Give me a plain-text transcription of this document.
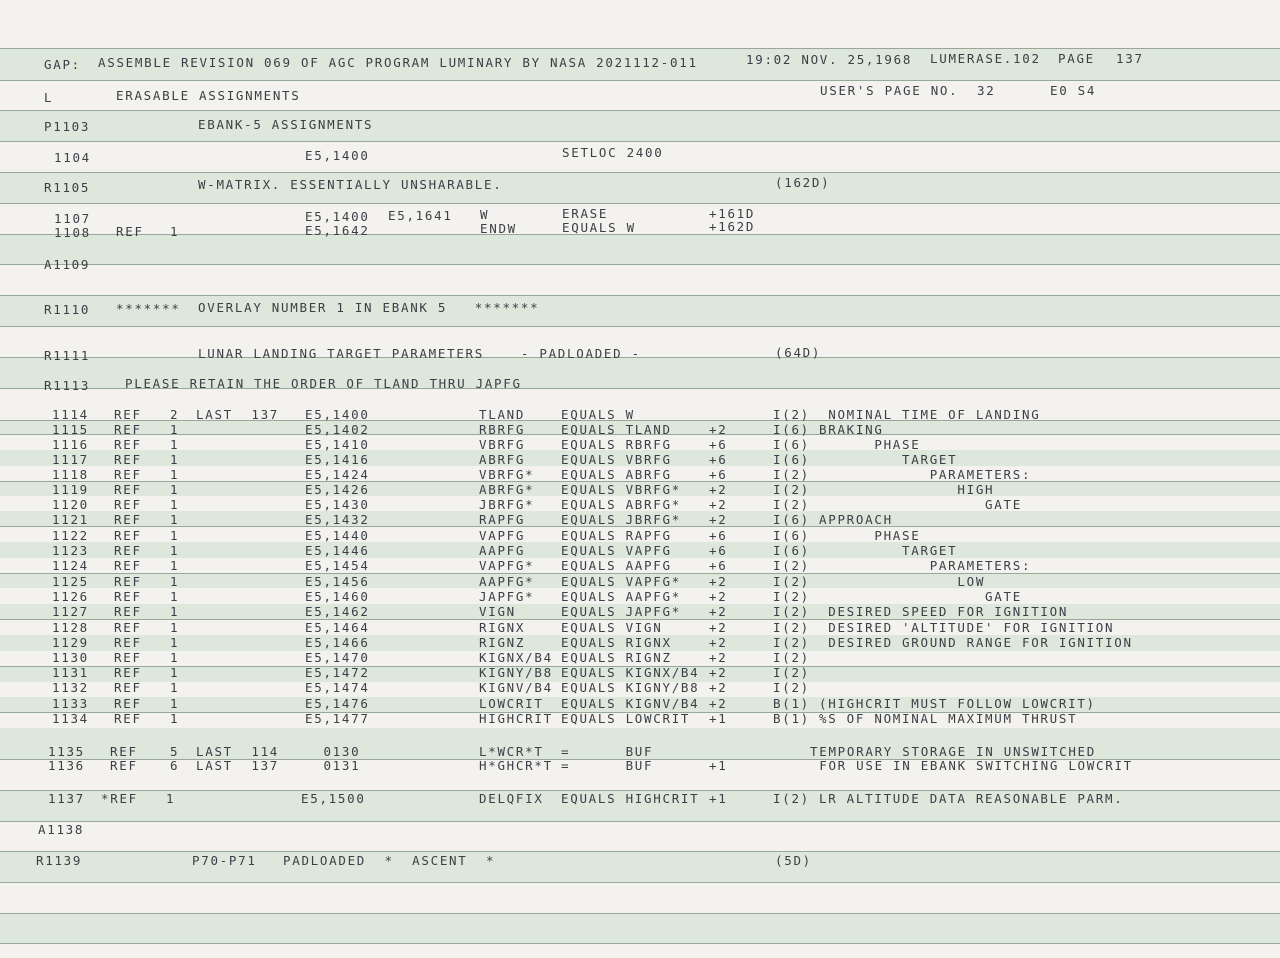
GAP: ASSEMBLE REVISION 069 OF AGC PROGRAM LUMINARY BY NASA 2021112-011	19:02 NOV. 25,1968 LUMERASE.102 PAGE 137
L	ERASABLE ASSIGNMENTS	USER'S PAGE NO. 32	E0 S4
P1103	EBANK-5 ASSIGNMENTS
1104	E5,1400	SETLOC 2400
R1105	W-MATRIX. ESSENTIALLY UNSHARABLE.	(162D)
1107	E5,1400 E5,1641 W	ERASE	+161D
1108 REF 1	E5,1642	ENDW	EQUALS W	+162D
A1109
R1110 ******* OVERLAY NUMBER 1 IN EBANK 5   *******
R1111	LUNAR LANDING TARGET PARAMETERS    - PADLOADED -	(64D)
R1113	PLEASE RETAIN THE ORDER OF TLAND THRU JAPFG
1114 REF 2 LAST  137 E5,1400	TLAND	EQUALS W	I(2) NOMINAL TIME OF LANDING
1115 REF 1	E5,1402	RBRFG	EQUALS TLAND	+2	I(6) BRAKING
1116 REF 1	E5,1410	VBRFG	EQUALS RBRFG	+6	I(6) PHASE
1117 REF 1	E5,1416	ABRFG	EQUALS VBRFG	+6	I(6) TARGET
1118 REF 1	E5,1424	VBRFG* EQUALS ABRFG	+6	I(2) PARAMETERS:
1119 REF 1	E5,1426	ABRFG* EQUALS VBRFG* +2	I(2) HIGH
1120 REF 1	E5,1430	JBRFG* EQUALS ABRFG* +2	I(2) GATE
1121 REF 1	E5,1432	RAPFG	EQUALS JBRFG* +2	I(6) APPROACH
1122 REF 1	E5,1440	VAPFG	EQUALS RAPFG	+6	I(6) PHASE
1123 REF 1	E5,1446	AAPFG	EQUALS VAPFG	+6	I(6) TARGET
1124 REF 1	E5,1454	VAPFG* EQUALS AAPFG	+6	I(2) PARAMETERS:
1125 REF 1	E5,1456	AAPFG* EQUALS VAPFG* +2	I(2) LOW
1126 REF 1	E5,1460	JAPFG* EQUALS AAPFG* +2	I(2) GATE
1127 REF 1	E5,1462	VIGN	EQUALS JAPFG* +2	I(2) DESIRED SPEED FOR IGNITION
1128 REF 1	E5,1464	RIGNX	EQUALS VIGN	+2	I(2) DESIRED 'ALTITUDE' FOR IGNITION
1129 REF 1	E5,1466	RIGNZ	EQUALS RIGNX	+2	I(2) DESIRED GROUND RANGE FOR IGNITION
1130 REF 1	E5,1470	KIGNX/B4 EQUALS RIGNZ	+2	I(2)
1131 REF 1	E5,1472	KIGNY/B8 EQUALS KIGNX/B4 +2	I(2)
1132 REF 1	E5,1474	KIGNV/B4 EQUALS KIGNY/B8 +2	I(2)
1133 REF 1	E5,1476	LOWCRIT EQUALS KIGNV/B4 +2	B(1) (HIGHCRIT MUST FOLLOW LOWCRIT)
1134 REF 1	E5,1477	HIGHCRIT EQUALS LOWCRIT +1	B(1) %S OF NOMINAL MAXIMUM THRUST
1135 REF	5 LAST  114 0130	L*WCR*T =      BUF	TEMPORARY STORAGE IN UNSWITCHED
1136 REF	6 LAST  137 0131	H*GHCR*T =      BUF	+1	FOR USE IN EBANK SWITCHING LOWCRIT
1137 *REF 1	E5,1500	DELQFIX EQUALS HIGHCRIT +1	I(2) LR ALTITUDE DATA REASONABLE PARM.
A1138
R1139	P70-P71 PADLOADED  *  ASCENT  *	(5D)
